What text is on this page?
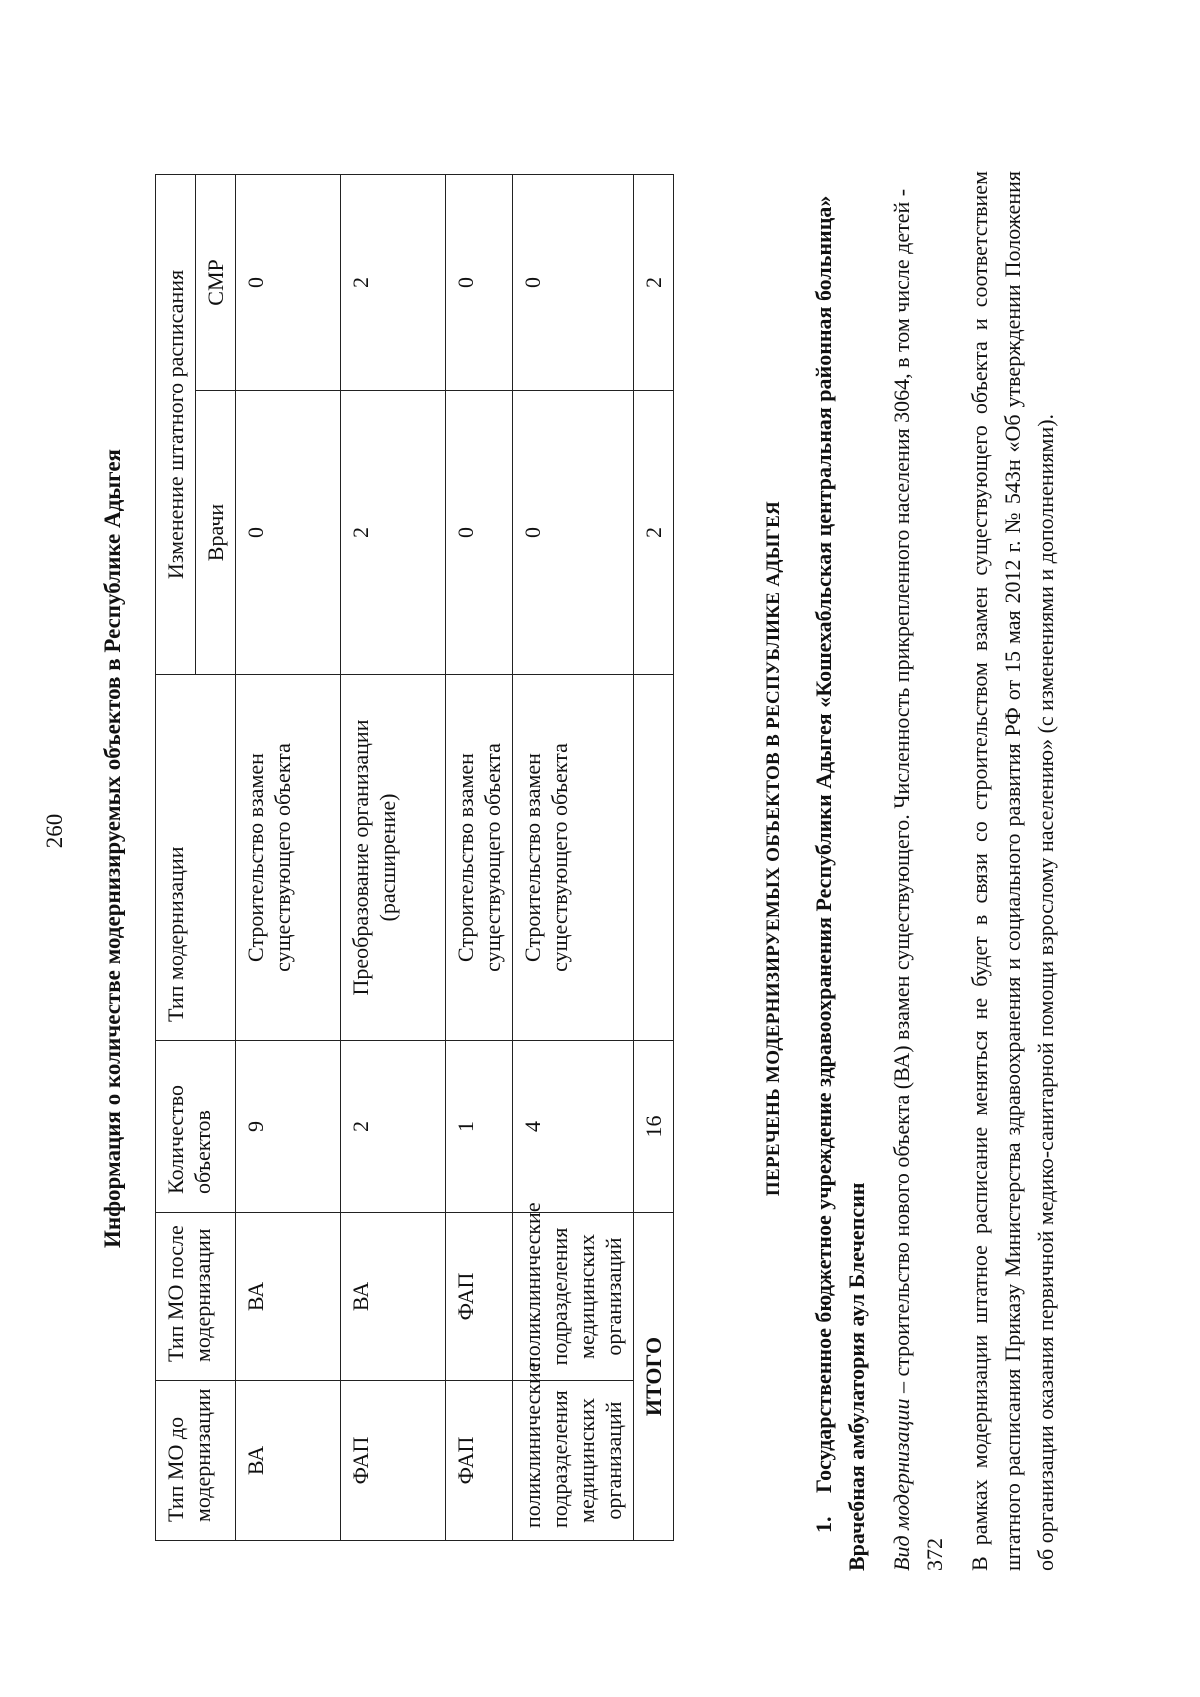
260 Информация о количестве модернизируемых объектов в Республике Адыгея
Тип МО до модернизации	Тип МО после модернизации	Количество объектов	Тип модернизации	Изменение штатного расписания	
				Врачи	СМР
ВА	ВА	9	Строительство взамен существующего объекта	0	0
ФАП	ВА	2	Преобразование организации (расширение)	2	2
ФАП	ФАП	1	Строительство взамен существующего объекта	0	0
поликлинические подразделения медицинских организаций	поликлинические подразделения медицинских организаций	4	Строительство взамен существующего объекта	0	0
ИТОГО		16		2	2
ПЕРЕЧЕНЬ МОДЕРНИЗИРУЕМЫХ ОБЪЕКТОВ В РЕСПУБЛИКЕ АДЫГЕЯ
1.Государственное бюджетное учреждение здравоохранения Республики Адыгея «Кошехабльская центральная районная больница» Врачебная амбулатория аул Блечепсин Вид модернизации – строительство нового объекта (ВА) взамен существующего. Численность прикрепленного населения 3064, в том числе детей - 372 В рамках модернизации штатное расписание меняться не будет в связи со строительством взамен существующего объекта и соответствием штатного расписания Приказу Министерства здравоохранения и социального развития РФ от 15 мая 2012 г. № 543н «Об утверждении Положения об организации оказания первичной медико-санитарной помощи взрослому населению» (с изменениями и дополнениями).
